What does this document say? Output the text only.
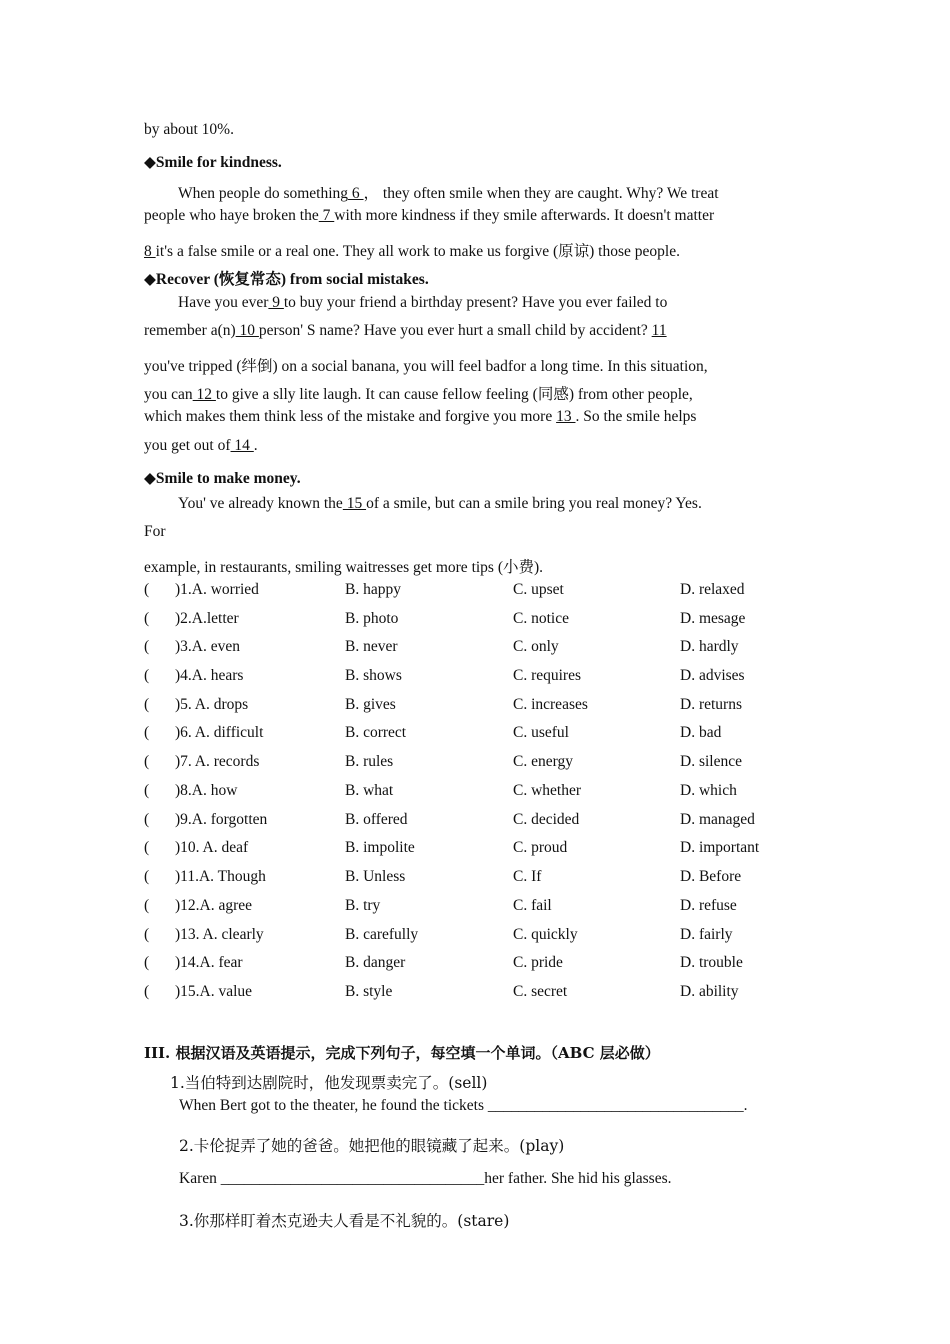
by about 10%.
◆Smile for kindness.
When people do something 6 ， they often smile when they are caught. Why? We treat
people who haye broken the 7 with more kindness if they smile afterwards. It doesn't matter
8 it's a false smile or a real one. They all work to make us forgive (原谅) those people.
◆Recover (恢复常态) from social mistakes.
Have you ever 9 to buy your friend a birthday present? Have you ever failed to
remember a(n) 10 person' S name? Have you ever hurt a small child by accident? 11
you've tripped (绊倒) on a social banana, you will feel badfor a long time. In this situation,
you can 12 to give a slly lite laugh. It can cause fellow feeling (同感) from other people,
which makes them think less of the mistake and forgive you more 13 . So the smile helps
you get out of 14 .
◆Smile to make money.
You' ve already known the 15 of a smile, but can a smile bring you real money? Yes.
For
example, in restaurants, smiling waitresses get more tips (小费).
( )1.A. worried	B. happy	C. upset	D. relaxed
( )2.A.letter	B. photo	C. notice	D. mesage
( )3.A. even	B. never	C. only	D. hardly
( )4.A. hears	B. shows	C. requires	D. advises
( )5. A. drops	B. gives	C. increases	D. returns
( )6. A. difficult	B. correct	C. useful	D. bad
( )7. A. records	B. rules	C. energy	D. silence
( )8.A. how	B. what	C. whether	D. which
( )9.A. forgotten	B. offered	C. decided	D. managed
( )10. A. deaf	B. impolite	C. proud	D. important
( )11.A. Though	B. Unless	C. If	D. Before
( )12.A. agree	B. try	C. fail	D. refuse
( )13. A. clearly	B. carefully	C. quickly	D. fairly
( )14.A. fear	B. danger	C. pride	D. trouble
( )15.A. value	B. style	C. secret	D. ability
III. 根据汉语及英语提示，完成下列句子，每空填一个单词。（ABC 层必做）
1.当伯特到达剧院时，他发现票卖完了。(sell)
When Bert got to the theater, he found the tickets _________________________________.
2.卡伦捉弄了她的爸爸。她把他的眼镜藏了起来。(play)
Karen __________________________________her father. She hid his glasses.
3.你那样盯着杰克逊夫人看是不礼貌的。(stare)
